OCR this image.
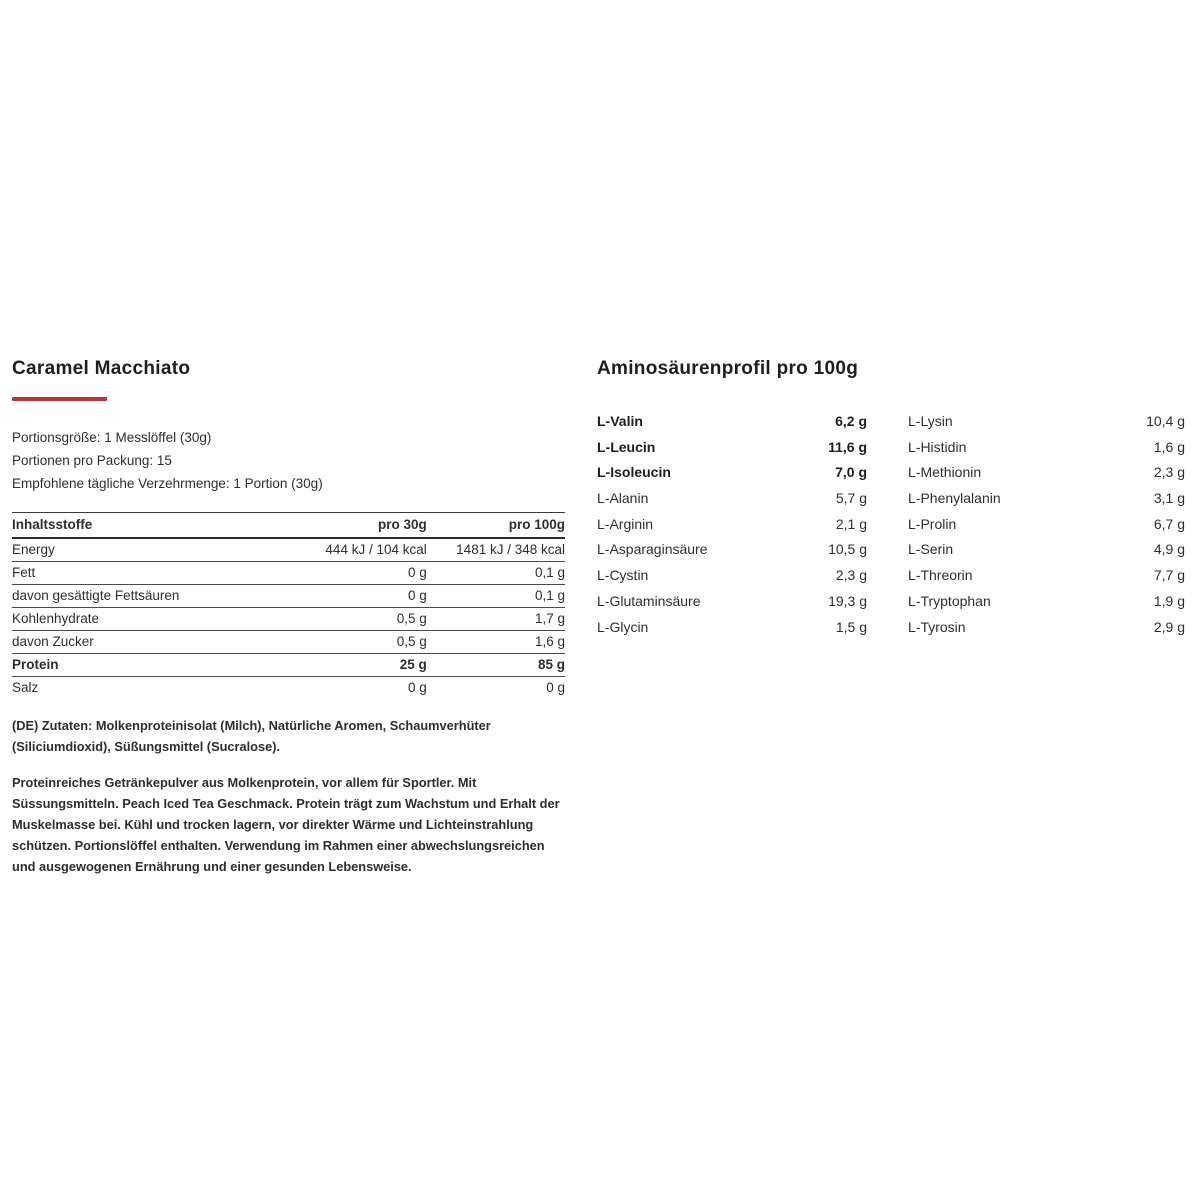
Caramel Macchiato
Portionsgröße: 1 Messlöffel (30g)
Portionen pro Packung: 15
Empfohlene tägliche Verzehrmenge: 1 Portion (30g)
Inhaltsstoffe	pro 30g	pro 100g
Energy	444 kJ / 104 kcal	1481 kJ / 348 kcal
Fett	0 g	0,1 g
davon gesättigte Fettsäuren	0 g	0,1 g
Kohlenhydrate	0,5 g	1,7 g
davon Zucker	0,5 g	1,6 g
Protein	25 g	85 g
Salz	0 g	0 g

(DE) Zutaten: Molkenproteinisolat (Milch), Natürliche Aromen, Schaumverhüter (Siliciumdioxid), Süßungsmittel (Sucralose).

Proteinreiches Getränkepulver aus Molkenprotein, vor allem für Sportler. Mit Süssungsmitteln. Peach Iced Tea Geschmack. Protein trägt zum Wachstum und Erhalt der Muskelmasse bei. Kühl und trocken lagern, vor direkter Wärme und Lichteinstrahlung schützen. Portionslöffel enthalten. Verwendung im Rahmen einer abwechslungsreichen und ausgewogenen Ernährung und einer gesunden Lebensweise.

Aminosäurenprofil pro 100g
L-Valin	6,2 g
L-Leucin	11,6 g
L-Isoleucin	7,0 g
L-Alanin	5,7 g
L-Arginin	2,1 g
L-Asparaginsäure	10,5 g
L-Cystin	2,3 g
L-Glutaminsäure	19,3 g
L-Glycin	1,5 g
L-Lysin	10,4 g
L-Histidin	1,6 g
L-Methionin	2,3 g
L-Phenylalanin	3,1 g
L-Prolin	6,7 g
L-Serin	4,9 g
L-Threorin	7,7 g
L-Tryptophan	1,9 g
L-Tyrosin	2,9 g
